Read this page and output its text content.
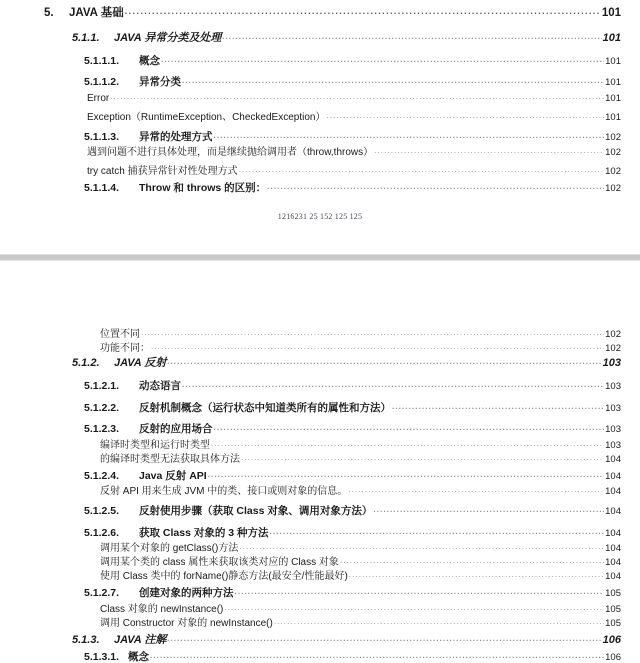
5.	JAVA 基础 .....	101
5.1.1.	JAVA 异常分类及处理 .....	101
5.1.1.1.	概念 .....	101
5.1.1.2.	异常分类 .....	101
Error .....	101
Exception（RuntimeException、CheckedException） .....	101
5.1.1.3.	异常的处理方式 .....	102
遇到问题不进行具体处理，而是继续抛给调用者（throw,throws） .....	102
try catch 捕获异常针对性处理方式 .....	102
5.1.1.4.	Throw 和 throws 的区别： .....	102
1216231 25 152 125 125
位置不同 .....	102
功能不同： .....	102
5.1.2.	JAVA 反射 .....	103
5.1.2.1.	动态语言 .....	103
5.1.2.2.	反射机制概念（运行状态中知道类所有的属性和方法） .....	103
5.1.2.3.	反射的应用场合 .....	103
编译时类型和运行时类型 .....	103
的编译时类型无法获取具体方法 .....	104
5.1.2.4.	Java 反射 API .....	104
反射 API 用来生成 JVM 中的类、接口或则对象的信息。 .....	104
5.1.2.5.	反射使用步骤（获取 Class 对象、调用对象方法） .....	104
5.1.2.6.	获取 Class 对象的 3 种方法 .....	104
调用某个对象的 getClass()方法 .....	104
调用某个类的 class 属性来获取该类对应的 Class 对象 .....	104
使用 Class 类中的 forName()静态方法(最安全/性能最好) .....	104
5.1.2.7.	创建对象的两种方法 .....	105
Class 对象的 newInstance() .....	105
调用 Constructor 对象的 newInstance() .....	105
5.1.3.	JAVA 注解 .....	106
5.1.3.1. 概念 .....	106
